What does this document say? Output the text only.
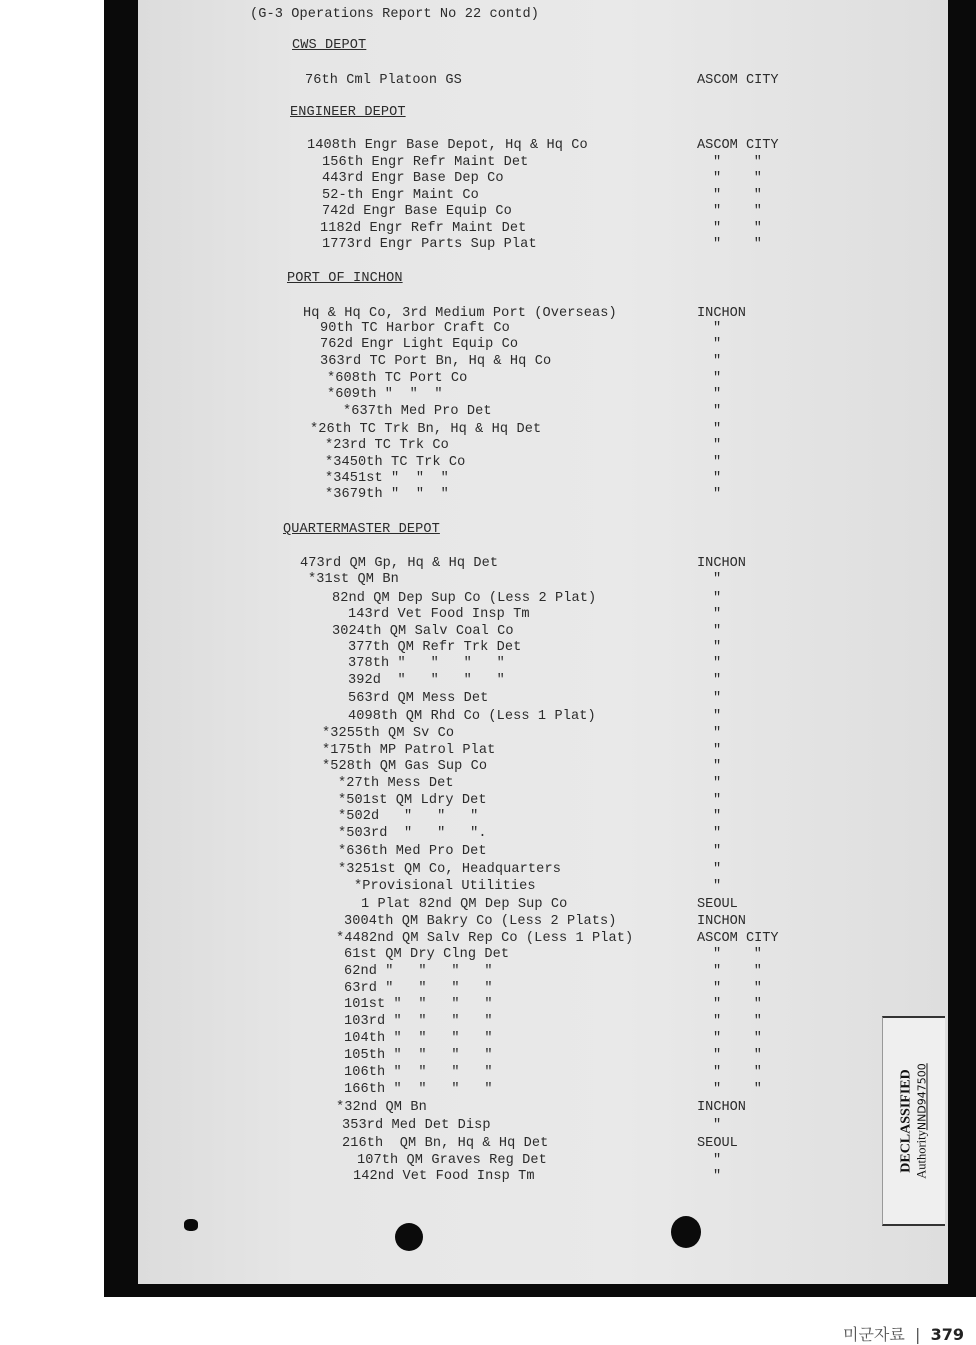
(G-3 Operations Report No 22 contd)
CWS DEPOT
76th Cml Platoon GS	ASCOM CITY
ENGINEER DEPOT
1408th Engr Base Depot, Hq & Hq Co	ASCOM CITY
156th Engr Refr Maint Det	"    "
443rd Engr Base Dep Co	"    "
52-th Engr Maint Co	"    "
742d Engr Base Equip Co	"    "
1182d Engr Refr Maint Det	"    "
1773rd Engr Parts Sup Plat	"    "
PORT OF INCHON
Hq & Hq Co, 3rd Medium Port (Overseas)	INCHON
90th TC Harbor Craft Co	"
762d Engr Light Equip Co	"
363rd TC Port Bn, Hq & Hq Co	"
*608th TC Port Co	"
*609th "  "  "	"
*637th Med Pro Det	"
*26th TC Trk Bn, Hq & Hq Det	"
*23rd TC Trk Co	"
*3450th TC Trk Co	"
*3451st "  "  "	"
*3679th "  "  "	"
QUARTERMASTER DEPOT
473rd QM Gp, Hq & Hq Det	INCHON
*31st QM Bn	"
82nd QM Dep Sup Co (Less 2 Plat)	"
143rd Vet Food Insp Tm	"
3024th QM Salv Coal Co	"
377th QM Refr Trk Det	"
378th "   "   "   "	"
392d  "   "   "   "	"
563rd QM Mess Det	"
4098th QM Rhd Co (Less 1 Plat)	"
*3255th QM Sv Co	"
*175th MP Patrol Plat	"
*528th QM Gas Sup Co	"
*27th Mess Det	"
*501st QM Ldry Det	"
*502d   "   "   "	"
*503rd  "   "   ".	"
*636th Med Pro Det	"
*3251st QM Co, Headquarters	"
*Provisional Utilities	"
1 Plat 82nd QM Dep Sup Co	SEOUL
3004th QM Bakry Co (Less 2 Plats)	INCHON
*4482nd QM Salv Rep Co (Less 1 Plat)	ASCOM CITY
61st QM Dry Clng Det	"    "
62nd "   "   "   "	"    "
63rd "   "   "   "	"    "
101st "  "   "   "	"    "
103rd "  "   "   "	"    "
104th "  "   "   "	"    "
105th "  "   "   "	"    "
106th "  "   "   "	"    "
166th "  "   "   "	"    "
*32nd QM Bn	INCHON
353rd Med Det Disp	"
216th  QM Bn, Hq & Hq Det	SEOUL
107th QM Graves Reg Det	"
142nd Vet Food Insp Tm	"
DECLASSIFIED AuthorityNND947500
미군자료 | 379
